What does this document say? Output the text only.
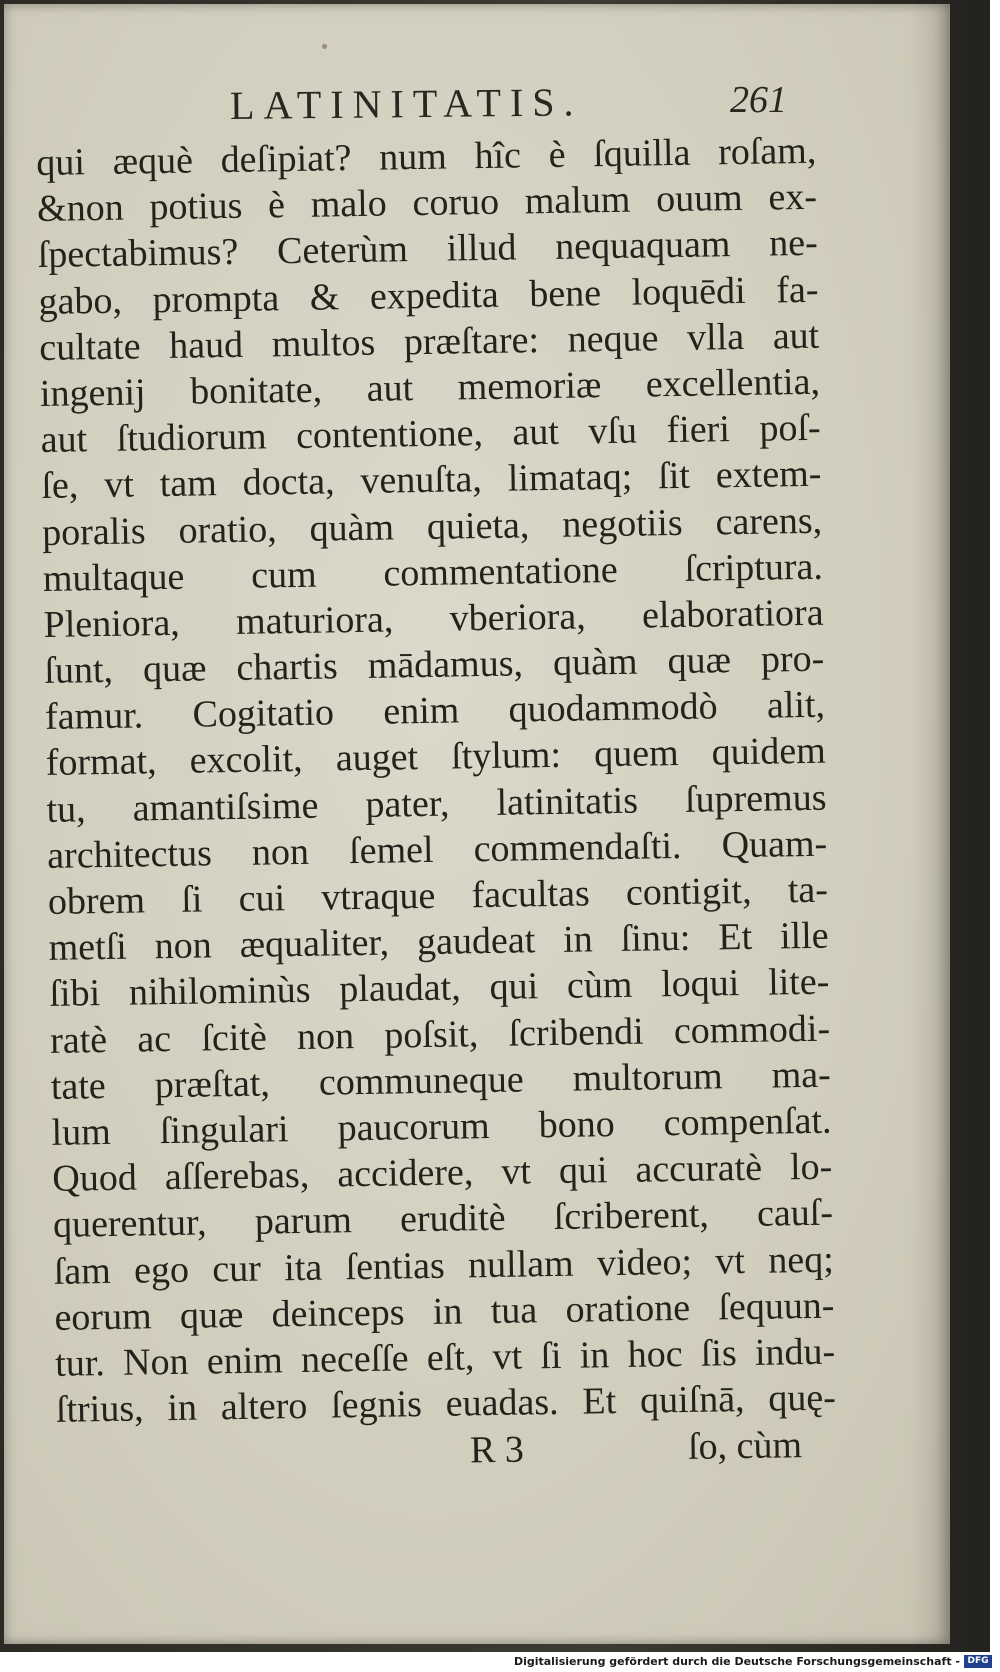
LATINITATIS.	261
qui æquè deſipiat? num hîc è ſquilla roſam,
&non potius è malo coruo malum ouum ex-
ſpectabimus? Ceterùm illud nequaquam ne-
gabo, prompta & expedita bene loquēdi fa-
cultate haud multos præſtare: neque vlla aut
ingenij bonitate, aut memoriæ excellentia,
aut ſtudiorum contentione, aut vſu fieri poſ-
ſe, vt tam docta, venuſta, limataq; ſit extem-
poralis oratio, quàm quieta, negotiis carens,
multaque cum commentatione ſcriptura.
Pleniora, maturiora, vberiora, elaboratiora
ſunt, quæ chartis mādamus, quàm quæ pro-
famur. Cogitatio enim quodammodò alit,
format, excolit, auget ſtylum: quem quidem
tu, amantiſsime pater, latinitatis ſupremus
architectus non ſemel commendaſti. Quam-
obrem ſi cui vtraque facultas contigit, ta-
metſi non æqualiter, gaudeat in ſinu: Et ille
ſibi nihilominùs plaudat, qui cùm loqui lite-
ratè ac ſcitè non poſsit, ſcribendi commodi-
tate præſtat, communeque multorum ma-
lum ſingulari paucorum bono compenſat.
Quod aſſerebas, accidere, vt qui accuratè lo-
querentur, parum eruditè ſcriberent, cauſ-
ſam ego cur ita ſentias nullam video; vt neq;
eorum quæ deinceps in tua oratione ſequun-
tur. Non enim neceſſe eſt, vt ſi in hoc ſis indu-
ſtrius, in altero ſegnis euadas. Et quiſnā, quę-
R 3	ſo, cùm
Digitalisierung gefördert durch die Deutsche Forschungsgemeinschaft - DFG
